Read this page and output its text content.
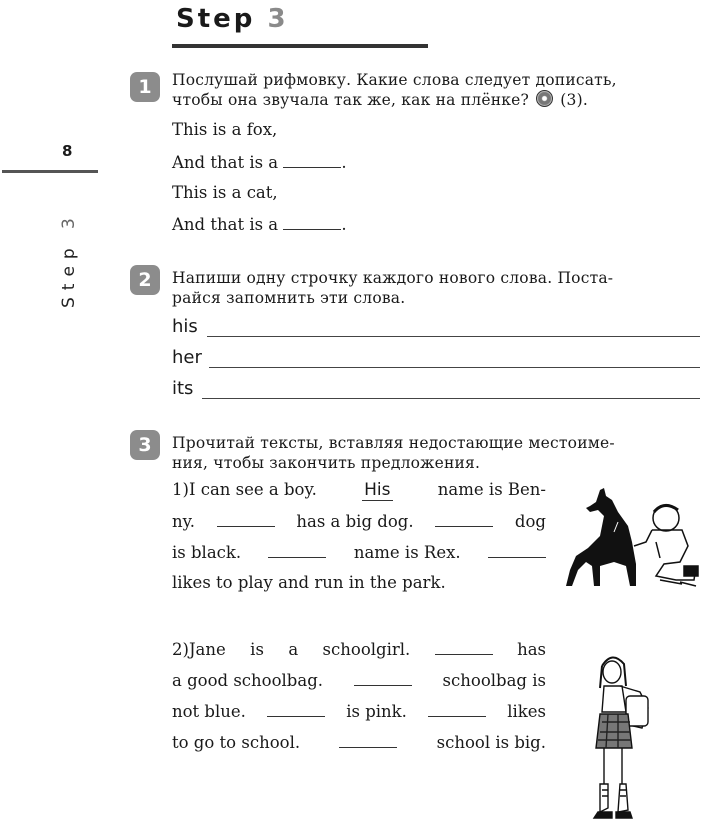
Step 3
8
Step

3
1	Послушай рифмовку. Какие слова следует дописать,
чтобы она звучала так же, как на плёнке? (3).
This is a fox,
And that is a	.
This is a cat,
And that is a	.
2	Напиши одну строчку каждого нового слова. Поста-
райся запомнить эти слова.
his
her
its
3	Прочитай тексты, вставляя недостающие местоиме-
ния, чтобы закончить предложения.
1)I can see a boy.	His	name is Ben-
ny.	has a big dog.	dog
is black.	name is Rex.
likes to play and run in the park.
2)Jane is a schoolgirl.	has
a good schoolbag.	schoolbag is
not blue.	is pink.	likes
to go to school.	school is big.
